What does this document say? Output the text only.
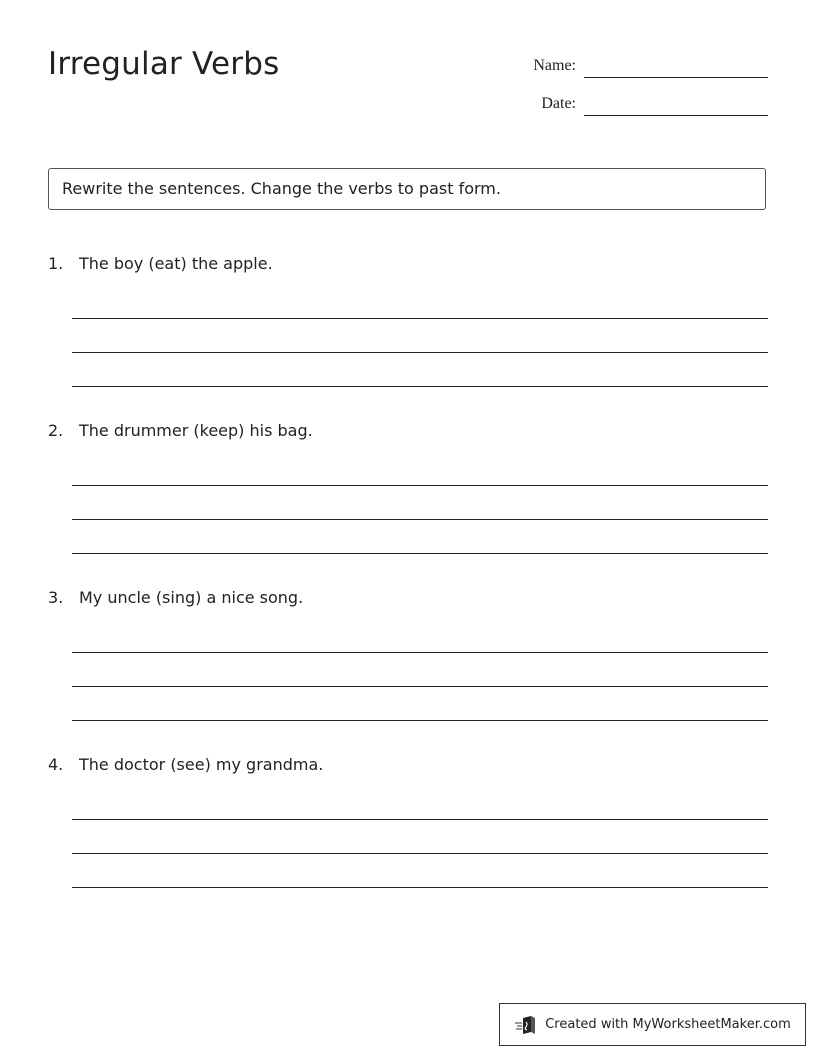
Irregular Verbs	Name:
Date:
Rewrite the sentences. Change the verbs to past form.
1. The boy (eat) the apple.
2. The drummer (keep) his bag.
3. My uncle (sing) a nice song.
4. The doctor (see) my grandma.
Created with MyWorksheetMaker.com
